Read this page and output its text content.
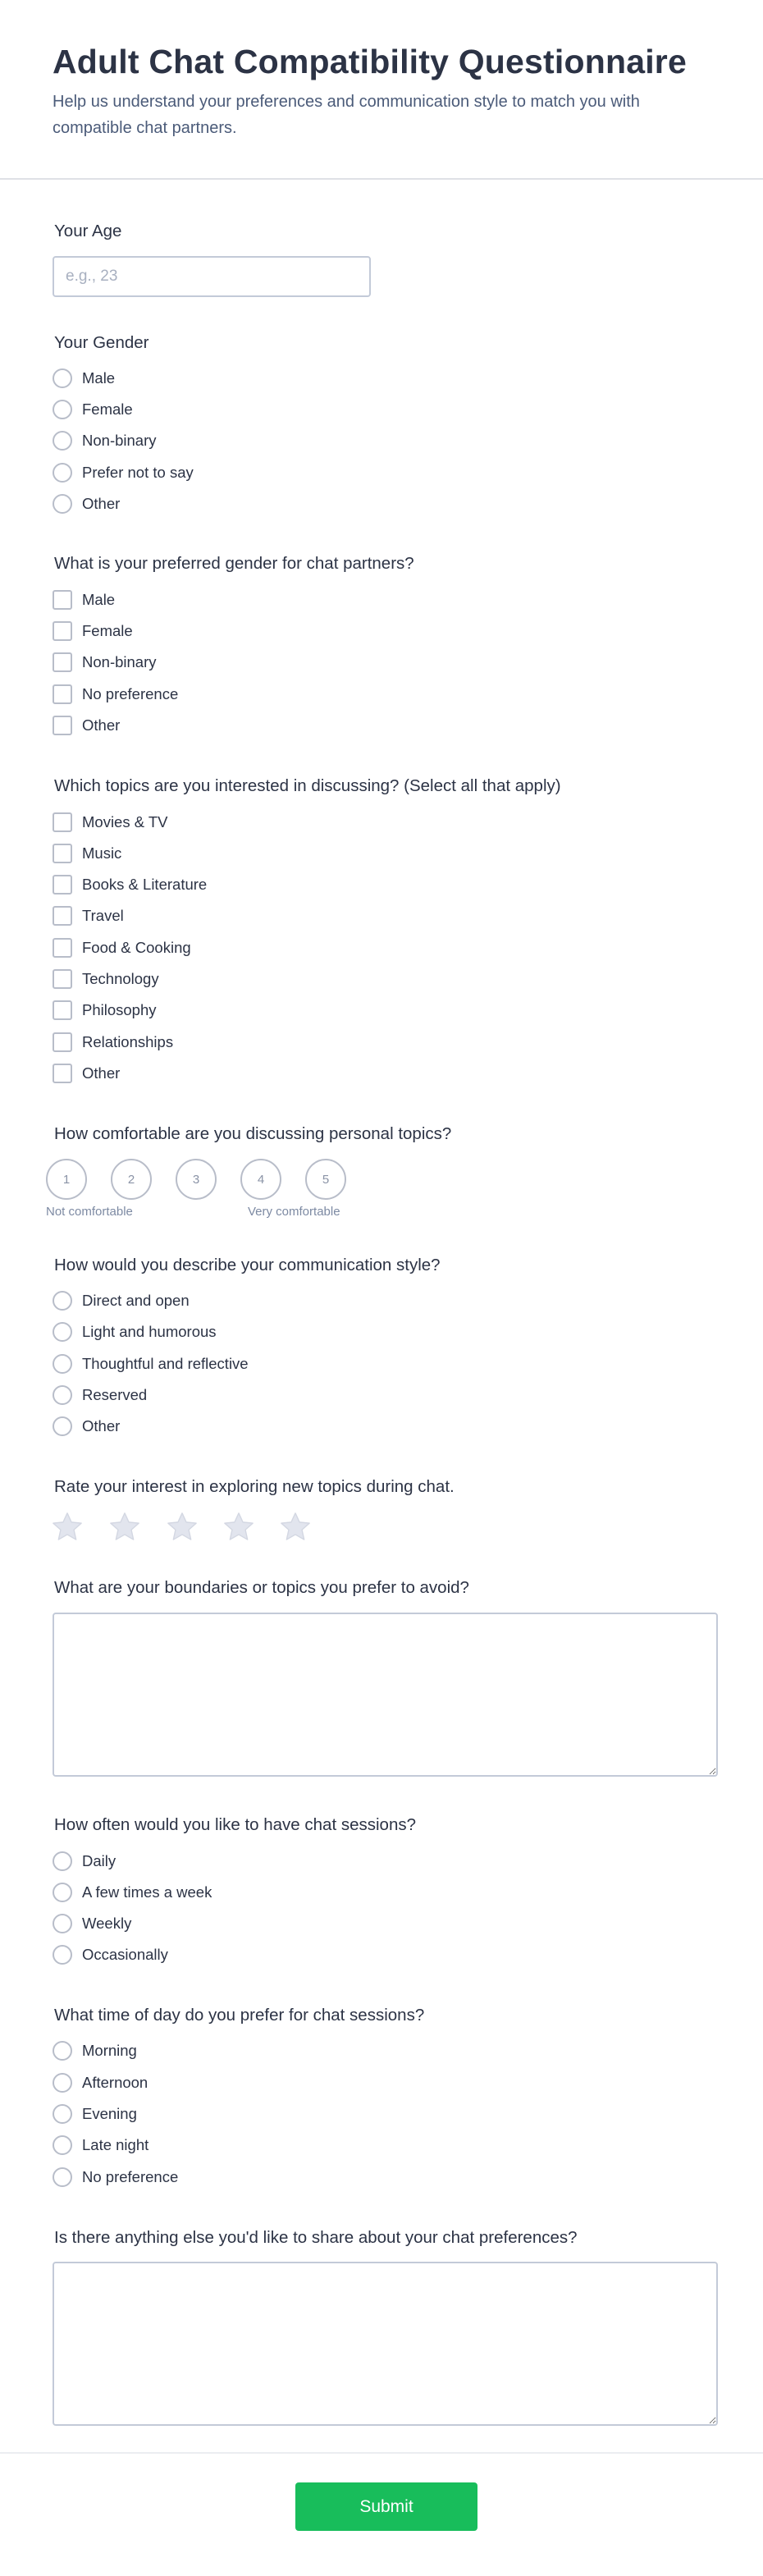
Adult Chat Compatibility Questionnaire

Help us understand your preferences and communication style to match you with compatible chat partners.

Your Age
e.g., 23
Your Gender
Male
Female
Non-binary
Prefer not to say
Other
What is your preferred gender for chat partners?
Male
Female
Non-binary
No preference
Other
Which topics are you interested in discussing? (Select all that apply)
Movies & TV
Music
Books & Literature
Travel
Food & Cooking
Technology
Philosophy
Relationships
Other
How comfortable are you discussing personal topics?
1	2	3	4	5
Not comfortable	Very comfortable
How would you describe your communication style?
Direct and open
Light and humorous
Thoughtful and reflective
Reserved
Other
Rate your interest in exploring new topics during chat.
What are your boundaries or topics you prefer to avoid?
How often would you like to have chat sessions?
Daily
A few times a week
Weekly
Occasionally
What time of day do you prefer for chat sessions?
Morning
Afternoon
Evening
Late night
No preference
Is there anything else you'd like to share about your chat preferences?
Submit
